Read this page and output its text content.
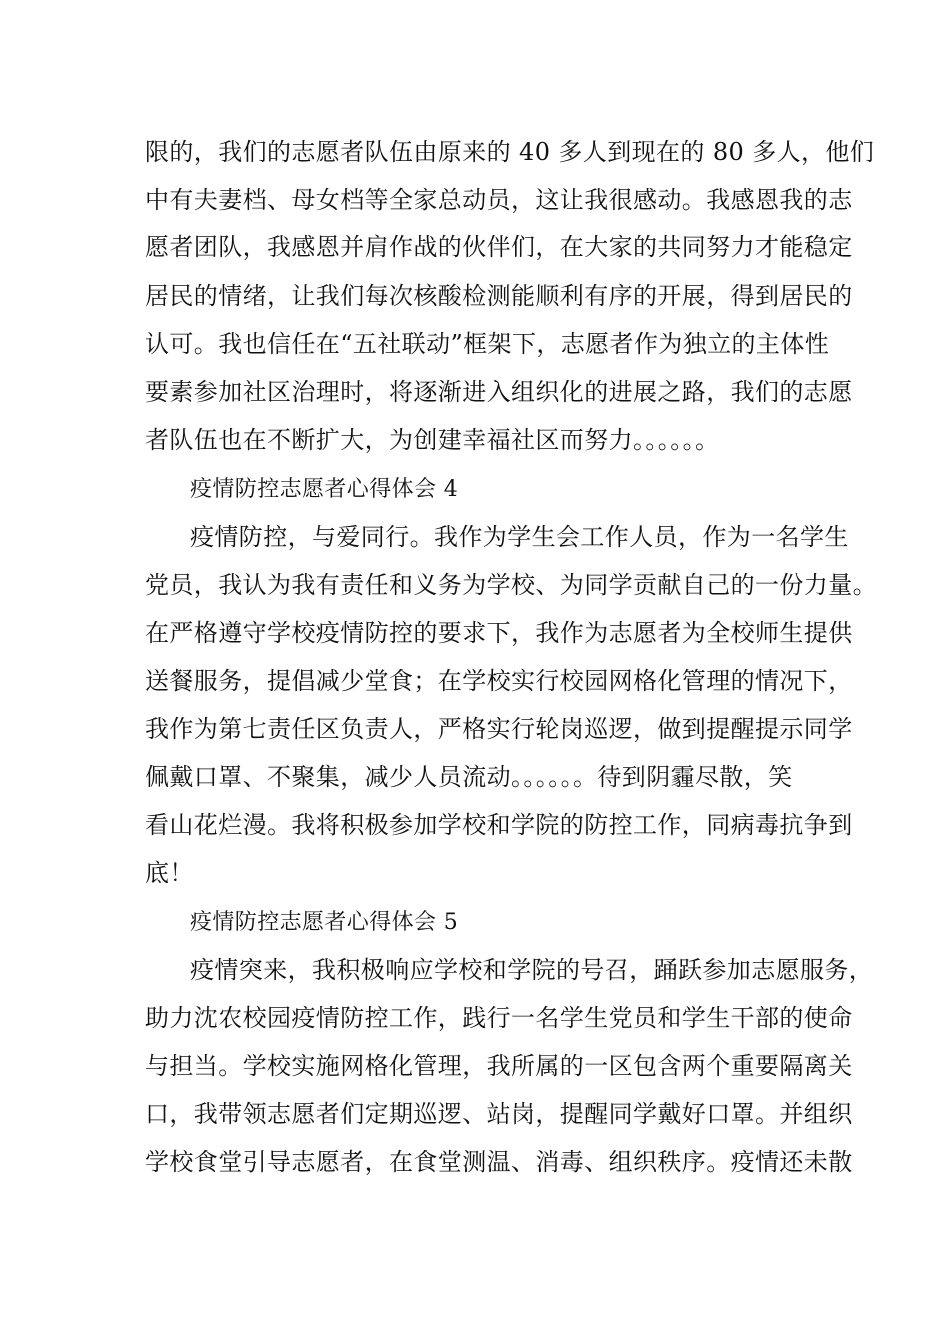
限的，我们的志愿者队伍由原来的 40 多人到现在的 80 多人，他们
中有夫妻档、母女档等全家总动员，这让我很感动。我感恩我的志
愿者团队，我感恩并肩作战的伙伴们，在大家的共同努力才能稳定
居民的情绪，让我们每次核酸检测能顺利有序的开展，得到居民的
认可。我也信任在“五社联动”框架下，志愿者作为独立的主体性
要素参加社区治理时，将逐渐进入组织化的进展之路，我们的志愿
者队伍也在不断扩大，为创建幸福社区而努力。。。。。。
疫情防控志愿者心得体会 4
疫情防控，与爱同行。我作为学生会工作人员，作为一名学生
党员，我认为我有责任和义务为学校、为同学贡献自己的一份力量。
在严格遵守学校疫情防控的要求下，我作为志愿者为全校师生提供
送餐服务，提倡减少堂食；在学校实行校园网格化管理的情况下，
我作为第七责任区负责人，严格实行轮岗巡逻，做到提醒提示同学
佩戴口罩、不聚集，减少人员流动。。。。。。待到阴霾尽散，笑
看山花烂漫。我将积极参加学校和学院的防控工作，同病毒抗争到
底！
疫情防控志愿者心得体会 5
疫情突来，我积极响应学校和学院的号召，踊跃参加志愿服务，
助力沈农校园疫情防控工作，践行一名学生党员和学生干部的使命
与担当。学校实施网格化管理，我所属的一区包含两个重要隔离关
口，我带领志愿者们定期巡逻、站岗，提醒同学戴好口罩。并组织
学校食堂引导志愿者，在食堂测温、消毒、组织秩序。疫情还未散
